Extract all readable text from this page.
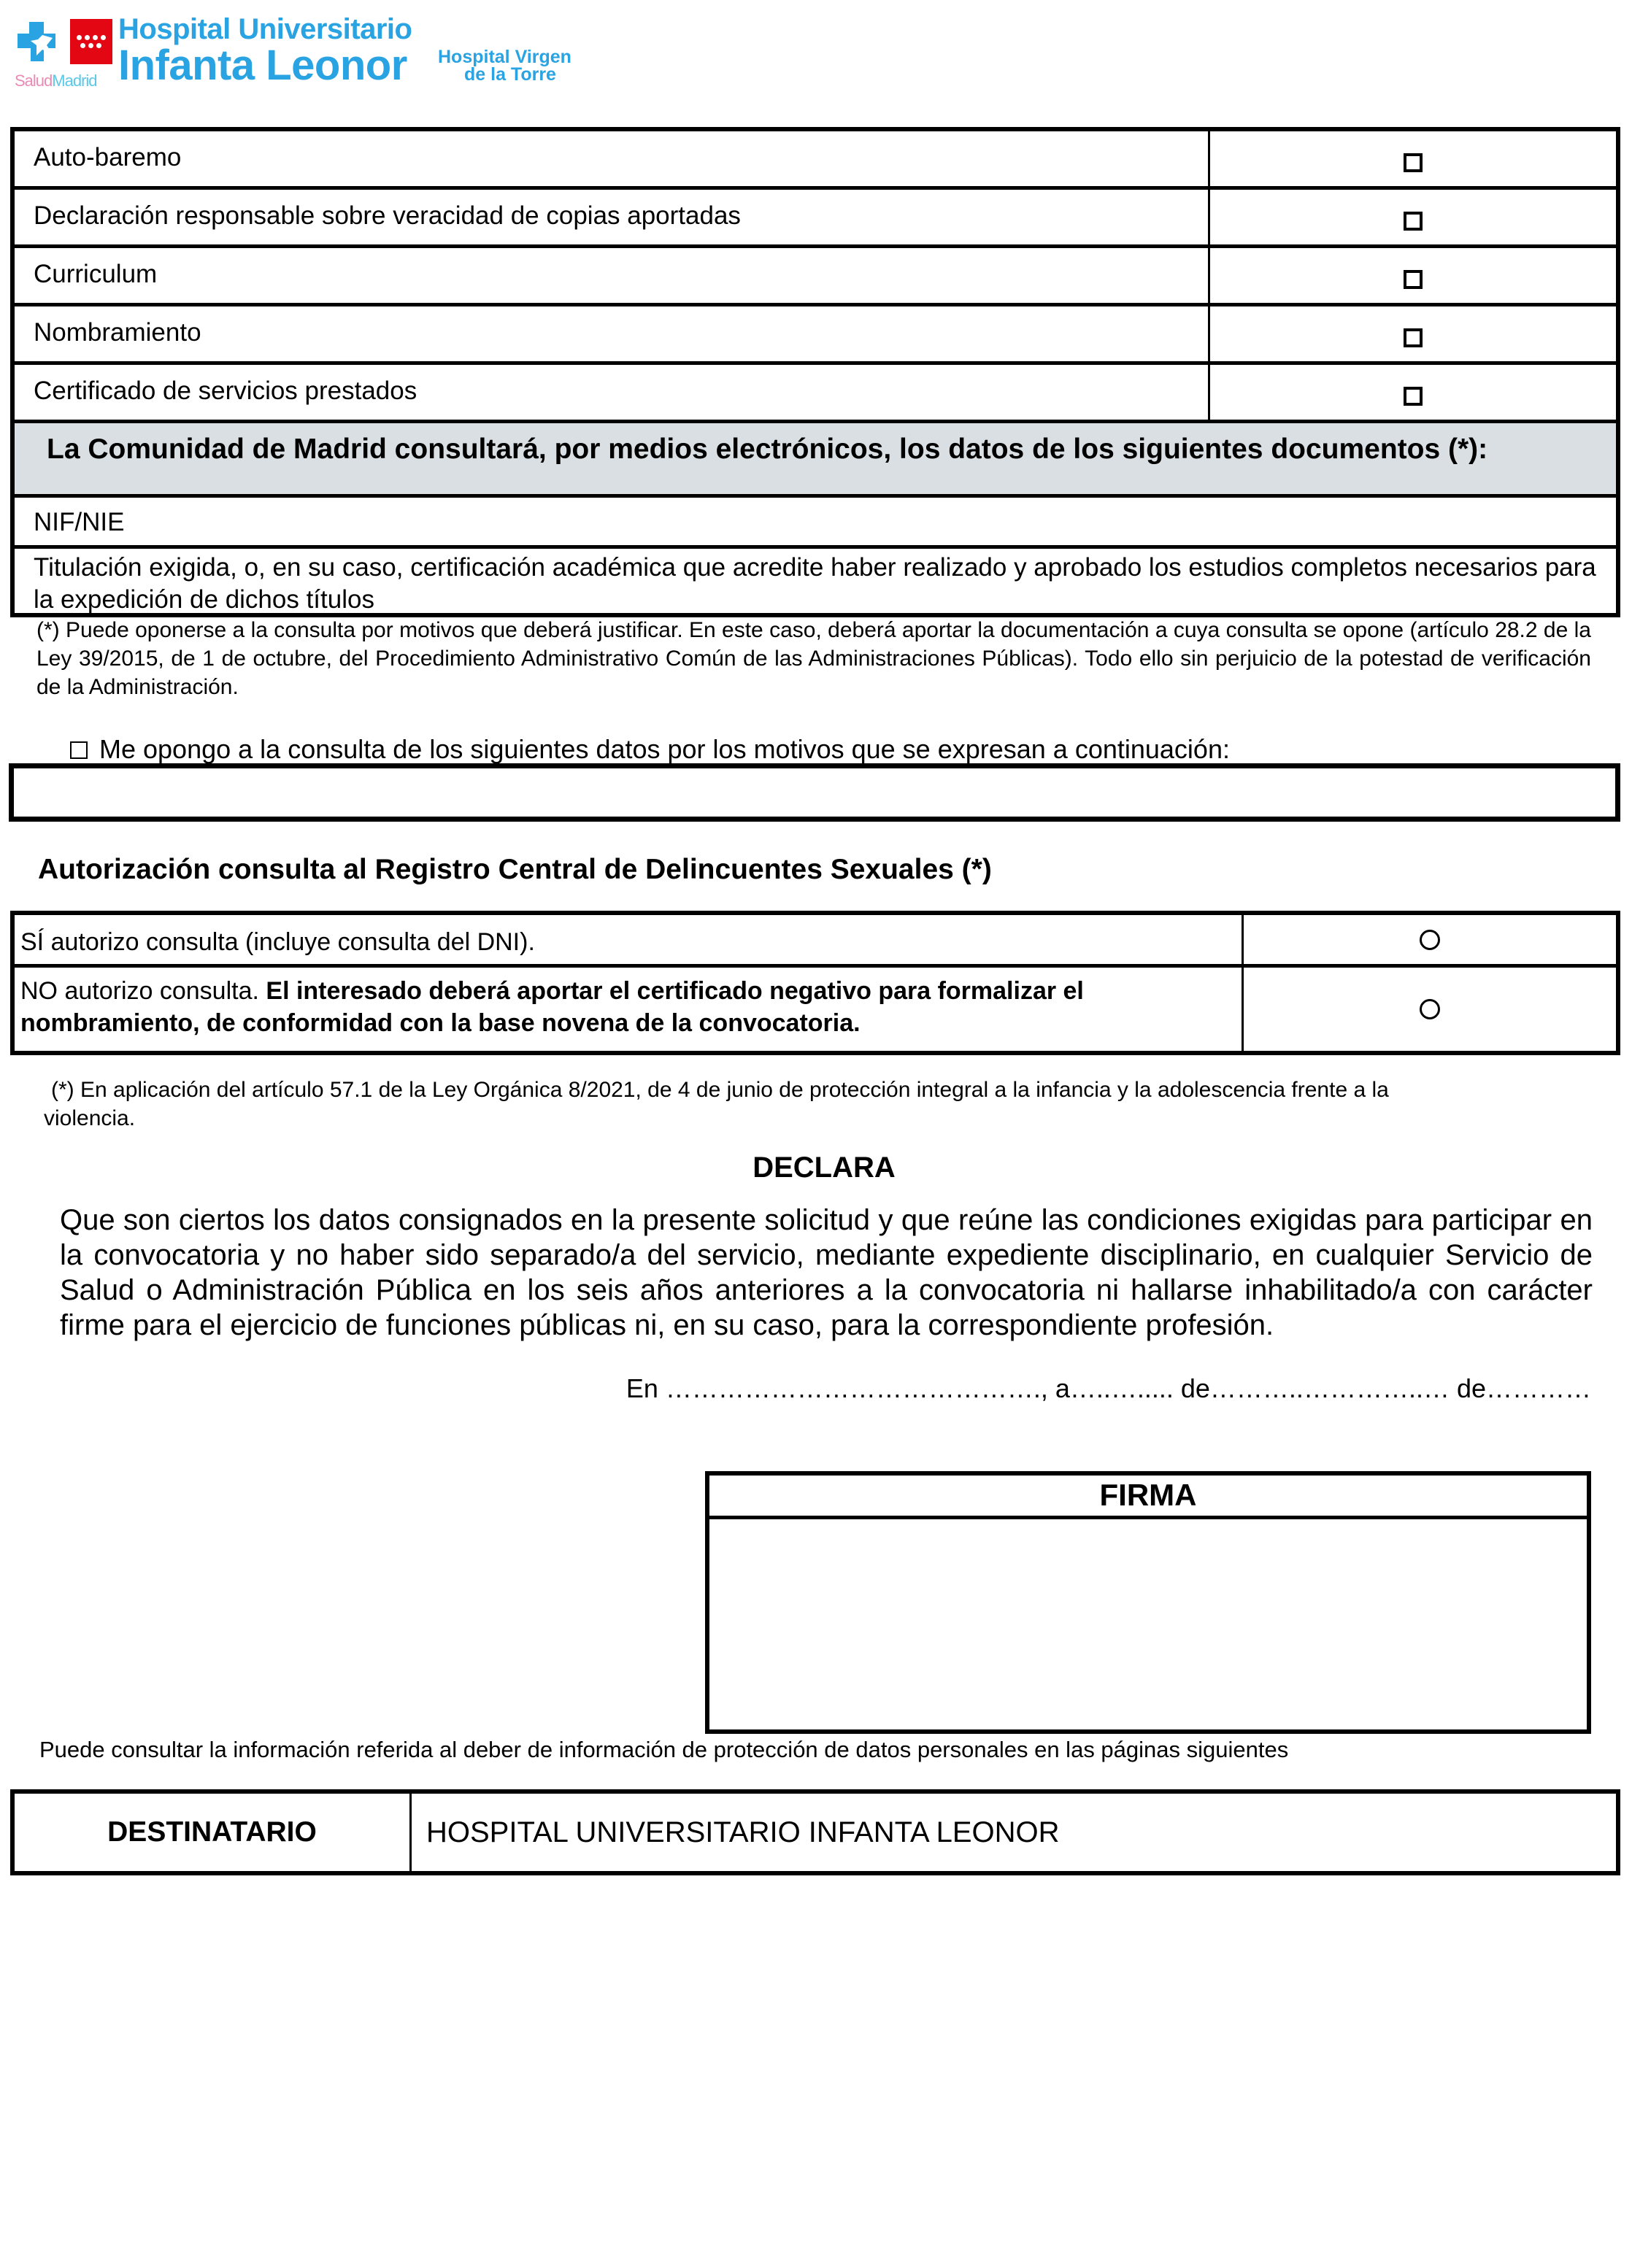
SaludMadrid
Hospital Universitario
Infanta Leonor Hospital Virgen
de la Torre
Auto-baremo
Declaración responsable sobre veracidad de copias aportadas
Curriculum
Nombramiento
Certificado de servicios prestados
La Comunidad de Madrid consultará, por medios electrónicos, los datos de los siguientes documentos (*):
NIF/NIE
Titulación exigida, o, en su caso, certificación académica que acredite haber realizado y aprobado los estudios completos necesarios para la expedición de dichos títulos
(*) Puede oponerse a la consulta por motivos que deberá justificar. En este caso, deberá aportar la documentación a cuya consulta se opone (artículo 28.2 de la Ley 39/2015, de 1 de octubre, del Procedimiento Administrativo Común de las Administraciones Públicas). Todo ello sin perjuicio de la potestad de verificación de la Administración.
Me opongo a la consulta de los siguientes datos por los motivos que se expresan a continuación:
Autorización consulta al Registro Central de Delincuentes Sexuales (*)
SÍ autorizo consulta (incluye consulta del DNI).
NO autorizo consulta. El interesado deberá aportar el certificado negativo para formalizar el nombramiento, de conformidad con la base novena de la convocatoria.
(*) En aplicación del artículo 57.1 de la Ley Orgánica 8/2021, de 4 de junio de protección integral a la infancia y la adolescencia frente a la
violencia.
DECLARA
Que son ciertos los datos consignados en la presente solicitud y que reúne las condiciones exigidas para participar en la convocatoria y no haber sido separado/a del servicio, mediante expediente disciplinario, en cualquier Servicio de Salud o Administración Pública en los seis años anteriores a la convocatoria ni hallarse inhabilitado/a con carácter firme para el ejercicio de funciones públicas ni, en su caso, para la correspondiente profesión.
En ……………………………………., a…..…..... de………..…………..… de…………
FIRMA
Puede consultar la información referida al deber de información de protección de datos personales en las páginas siguientes
DESTINATARIO	HOSPITAL UNIVERSITARIO INFANTA LEONOR
